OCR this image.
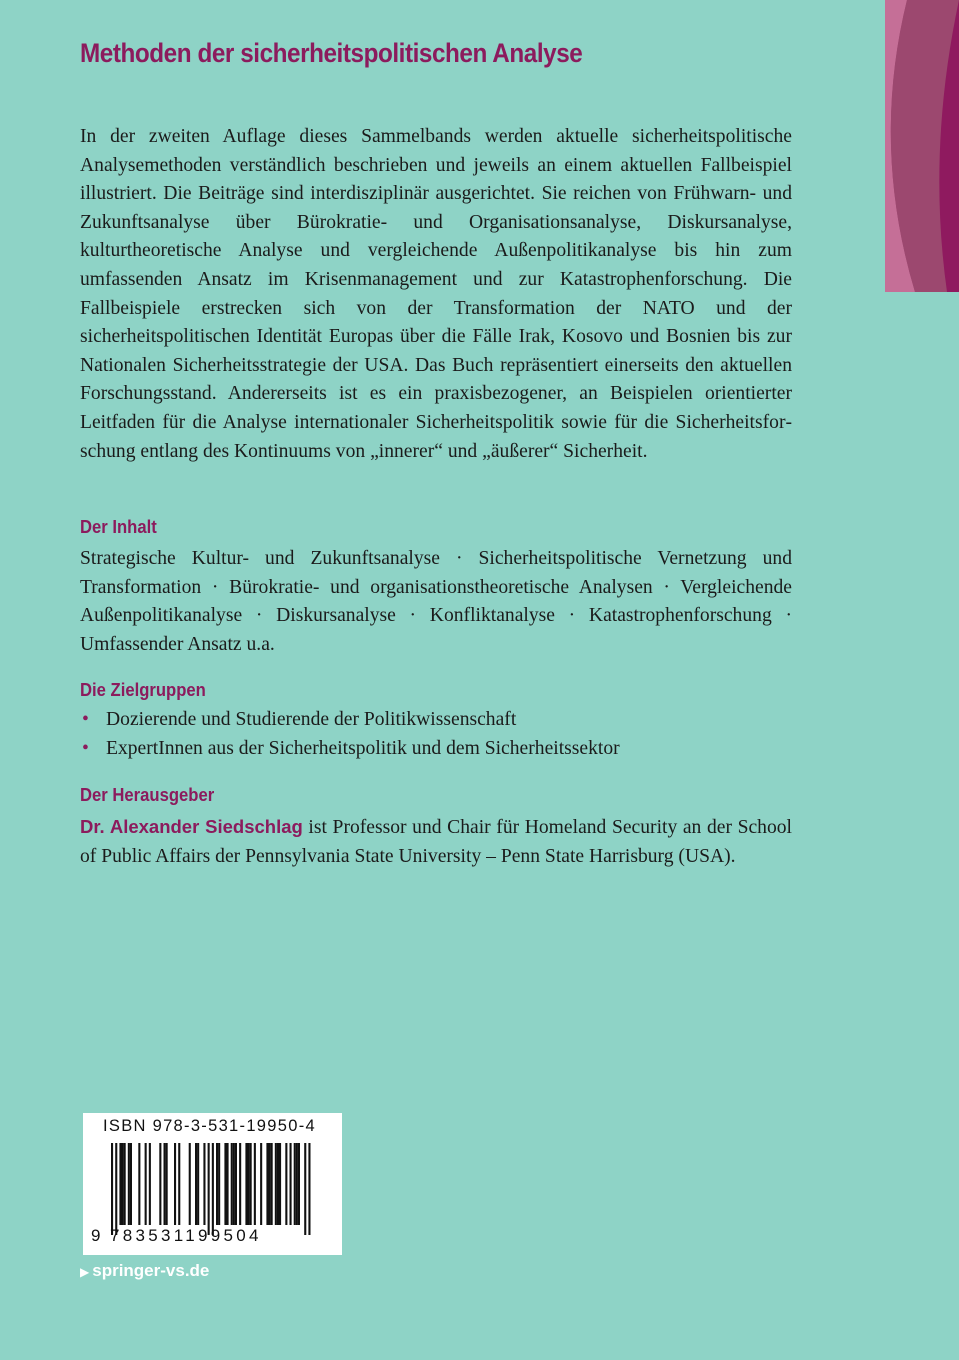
Methoden der sicherheitspolitischen Analyse

In der zweiten Auflage dieses Sammelbands werden aktuelle sicherheitspolitische Analysemethoden verständlich beschrieben und jeweils an einem aktuellen Fallbeispiel illustriert. Die Beiträge sind interdisziplinär ausgerichtet. Sie reichen von Frühwarn- und Zukunftsanalyse über Bürokratie- und Organisationsanalyse, Diskursanalyse, kulturtheoretische Analyse und vergleichende Außenpolitikanalyse bis hin zum umfassenden Ansatz im Krisenmanagement und zur Katastrophenforschung. Die Fallbeispiele erstrecken sich von der Transformation der NATO und der sicherheitspolitischen Identität Europas über die Fälle Irak, Kosovo und Bosnien bis zur Nationalen Sicherheitsstrategie der USA. Das Buch repräsentiert einerseits den aktuellen Forschungsstand. Andererseits ist es ein praxisbezogener, an Beispielen orientierter Leitfaden für die Analyse internationaler Sicherheitspolitik sowie für die Sicherheitsforschung entlang des Kontinuums von „innerer“ und „äußerer“ Sicherheit.

Der Inhalt

Strategische Kultur- und Zukunftsanalyse · Sicherheitspolitische Vernetzung und Transformation · Bürokratie- und organisationstheoretische Analysen · Vergleichende Außenpolitikanalyse · Diskursanalyse · Konfliktanalyse · Katastrophenforschung · Umfassender Ansatz u.a.

Die Zielgruppen
• Dozierende und Studierende der Politikwissenschaft
• ExpertInnen aus der Sicherheitspolitik und dem Sicherheitssektor
Der Herausgeber

Dr. Alexander Siedschlag ist Professor und Chair für Homeland Security an der School of Public Affairs der Pennsylvania State University – Penn State Harrisburg (USA).

ISBN 978-3-531-19950-4

9 783531199504

▶ springer-vs.de
